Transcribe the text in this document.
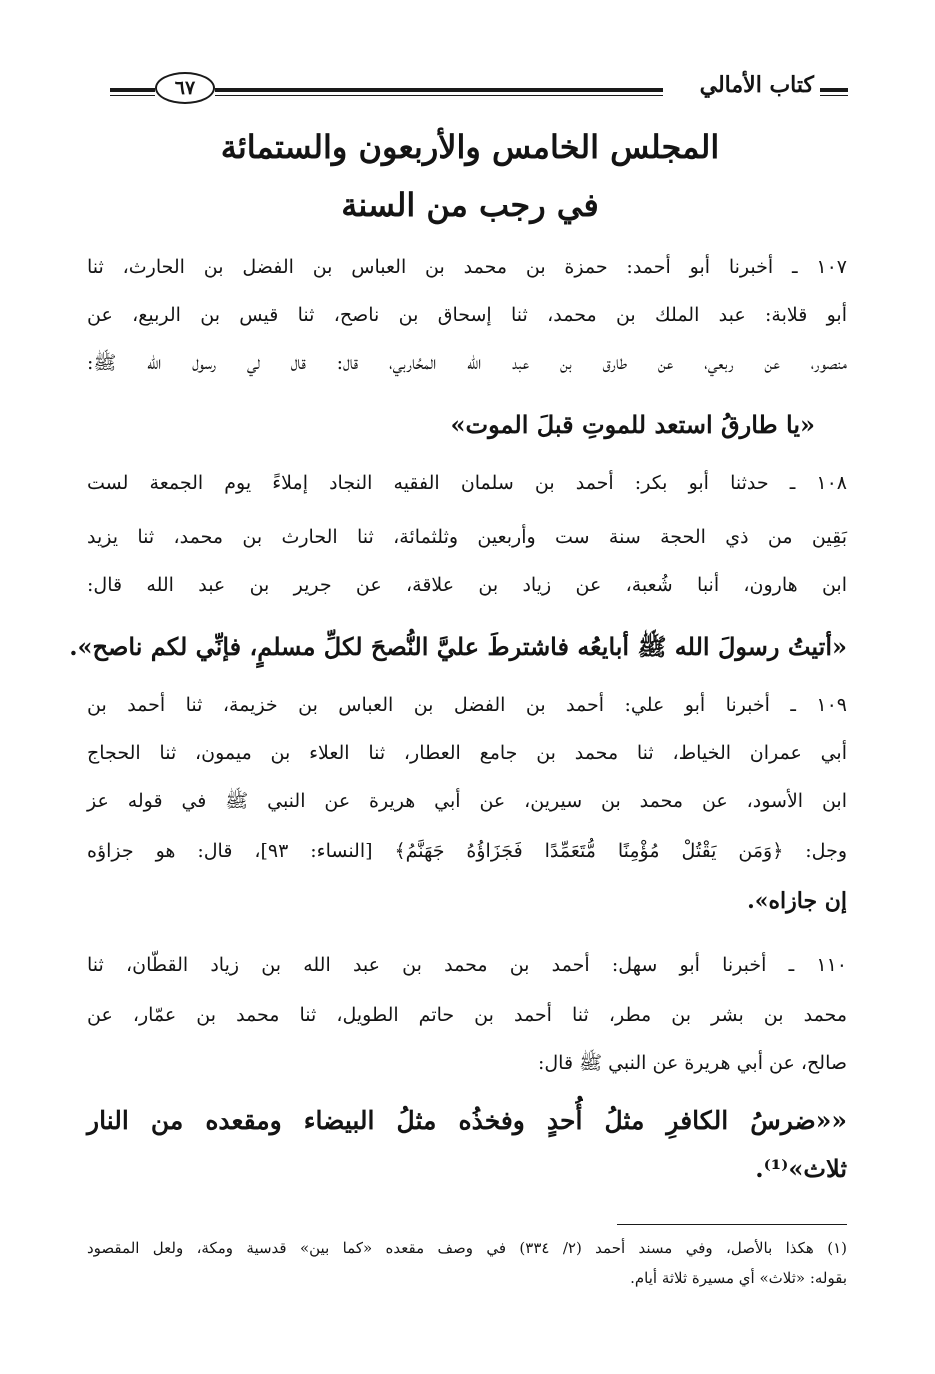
كتاب الأمالي
٦٧
المجلس الخامس والأربعون والستمائة
في رجب من السنة
١٠٧ ـ أخبرنا أبو أحمد: حمزة بن محمد بن العباس بن الفضل بن الحارث، ثنا
أبو قلابة: عبد الملك بن محمد، ثنا إسحاق بن ناصح، ثنا قيس بن الربيع، عن
منصور، عن ربعي، عن طارق بن عبد الله المحُاربي، قال: قال لي رسول الله ﷺ:
«يا طارقُ استعد للموتِ قبلَ الموت»
١٠٨ ـ حدثنا أبو بكر: أحمد بن سلمان الفقيه النجاد إملاءً يوم الجمعة لست
بَقِين من ذي الحجة سنة ست وأربعين وثلثمائة، ثنا الحارث بن محمد، ثنا يزيد
ابن هارون، أنبا شُعبة، عن زياد بن علاقة، عن جرير بن عبد الله قال:
«أتيتُ رسولَ الله ﷺ أبايعُه فاشترطَ عليَّ النُّصحَ لكلِّ مسلمٍ، فإنِّي لكم ناصح».
١٠٩ ـ أخبرنا أبو علي: أحمد بن الفضل بن العباس بن خزيمة، ثنا أحمد بن
أبي عمران الخياط، ثنا محمد بن جامع العطار، ثنا العلاء بن ميمون، ثنا الحجاج
ابن الأسود، عن محمد بن سيرين، عن أبي هريرة عن النبي ﷺ في قوله عز
وجل: ﴿وَمَن يَقْتُلْ مُؤْمِنًا مُّتَعَمِّدًا فَجَزَاؤُهُ جَهَنَّمُ﴾ [النساء: ٩٣]، قال: هو جزاؤه
إن جازاه».
١١٠ ـ أخبرنا أبو سهل: أحمد بن محمد بن عبد الله بن زياد القطّان، ثنا
محمد بن بشر بن مطر، ثنا أحمد بن حاتم الطويل، ثنا محمد بن عمّار، عن
صالح، عن أبي هريرة عن النبي ﷺ قال:
««ضرسُ الكافرِ مثلُ أُحدٍ وفخذُه مثلُ البيضاء ومقعده من النار
ثلاث»⁽¹⁾.
(١) هكذا بالأصل، وفي مسند أحمد (٢/ ٣٣٤) في وصف مقعده «كما بين» قدسية ومكة، ولعل المقصود
بقوله: «ثلاث» أي مسيرة ثلاثة أيام.
